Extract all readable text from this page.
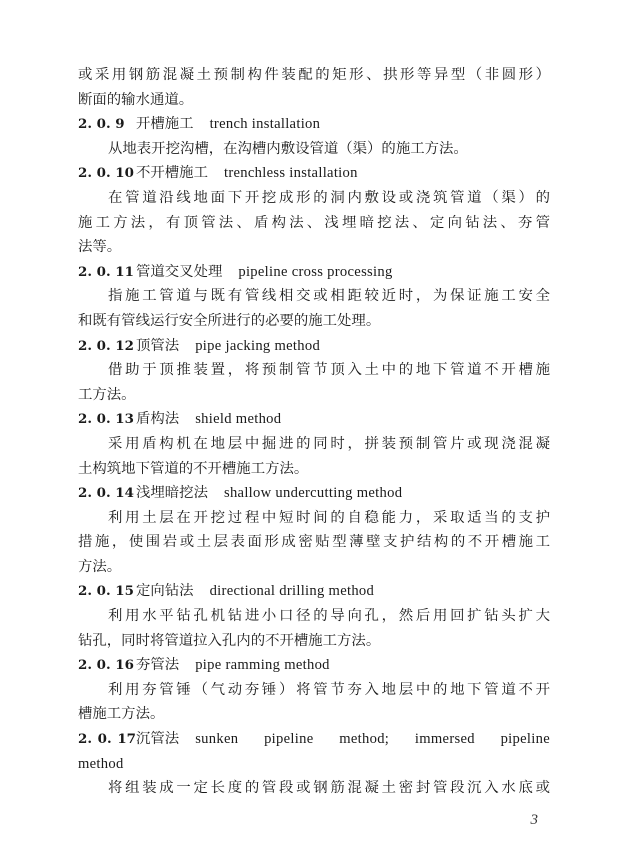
或采用钢筋混凝土预制构件装配的矩形、拱形等异型（非圆形）
断面的输水通道。
2. 0. 9 开槽施工 trench installation
从地表开挖沟槽，在沟槽内敷设管道（渠）的施工方法。
2. 0. 10 不开槽施工 trenchless installation
在管道沿线地面下开挖成形的洞内敷设或浇筑管道（渠）的
施工方法，有顶管法、盾构法、浅埋暗挖法、定向钻法、夯管
法等。
2. 0. 11 管道交叉处理 pipeline cross processing
指施工管道与既有管线相交或相距较近时，为保证施工安全
和既有管线运行安全所进行的必要的施工处理。
2. 0. 12 顶管法 pipe jacking method
借助于顶推装置，将预制管节顶入土中的地下管道不开槽施
工方法。
2. 0. 13 盾构法 shield method
采用盾构机在地层中掘进的同时，拼装预制管片或现浇混凝
土构筑地下管道的不开槽施工方法。
2. 0. 14 浅埋暗挖法 shallow undercutting method
利用土层在开挖过程中短时间的自稳能力，采取适当的支护
措施，使围岩或土层表面形成密贴型薄壁支护结构的不开槽施工
方法。
2. 0. 15 定向钻法 directional drilling method
利用水平钻孔机钻进小口径的导向孔，然后用回扩钻头扩大
钻孔，同时将管道拉入孔内的不开槽施工方法。
2. 0. 16 夯管法 pipe ramming method
利用夯管锤（气动夯锤）将管节夯入地层中的地下管道不开
槽施工方法。
2. 0. 17沉管法 sunken pipeline method; immersed pipeline
method
将组装成一定长度的管段或钢筋混凝土密封管段沉入水底或
3
